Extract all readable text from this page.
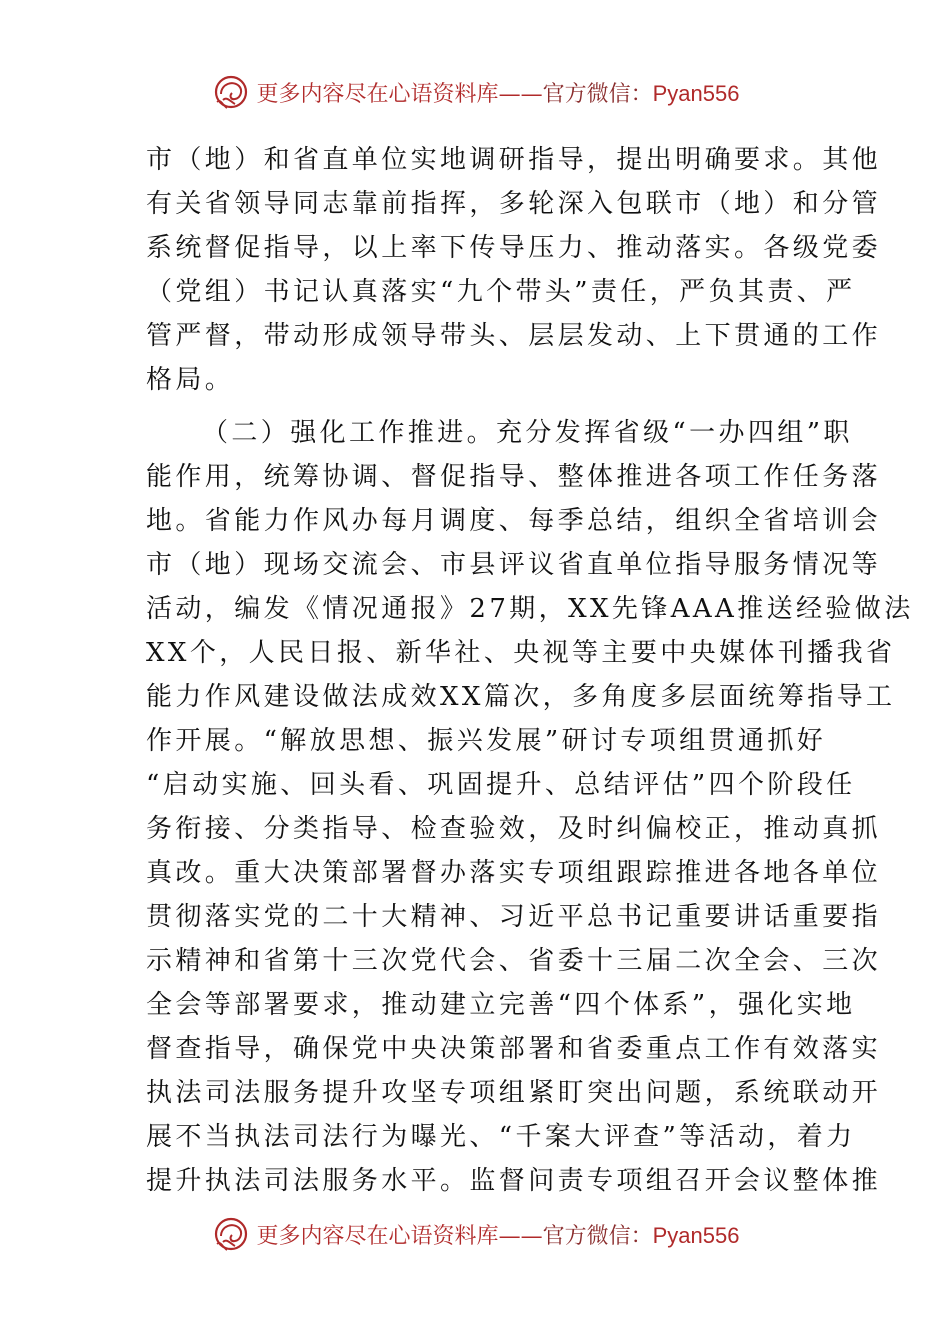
更多内容尽在心语资料库——官方微信：Pyan556
市（地）和省直单位实地调研指导，提出明确要求。其他
有关省领导同志靠前指挥，多轮深入包联市（地）和分管
系统督促指导，以上率下传导压力、推动落实。各级党委
（党组）书记认真落实“九个带头”责任，严负其责、严
管严督，带动形成领导带头、层层发动、上下贯通的工作
格局。
（二）强化工作推进。充分发挥省级“一办四组”职
能作用，统筹协调、督促指导、整体推进各项工作任务落
地。省能力作风办每月调度、每季总结，组织全省培训会
市（地）现场交流会、市县评议省直单位指导服务情况等
活动，编发《情况通报》27期，XX先锋AAA推送经验做法
XX个，人民日报、新华社、央视等主要中央媒体刊播我省
能力作风建设做法成效XX篇次，多角度多层面统筹指导工
作开展。“解放思想、振兴发展”研讨专项组贯通抓好
“启动实施、回头看、巩固提升、总结评估”四个阶段任
务衔接、分类指导、检查验效，及时纠偏校正，推动真抓
真改。重大决策部署督办落实专项组跟踪推进各地各单位
贯彻落实党的二十大精神、习近平总书记重要讲话重要指
示精神和省第十三次党代会、省委十三届二次全会、三次
全会等部署要求，推动建立完善“四个体系”，强化实地
督查指导，确保党中央决策部署和省委重点工作有效落实
执法司法服务提升攻坚专项组紧盯突出问题，系统联动开
展不当执法司法行为曝光、“千案大评查”等活动，着力
提升执法司法服务水平。监督问责专项组召开会议整体推
更多内容尽在心语资料库——官方微信：Pyan556
